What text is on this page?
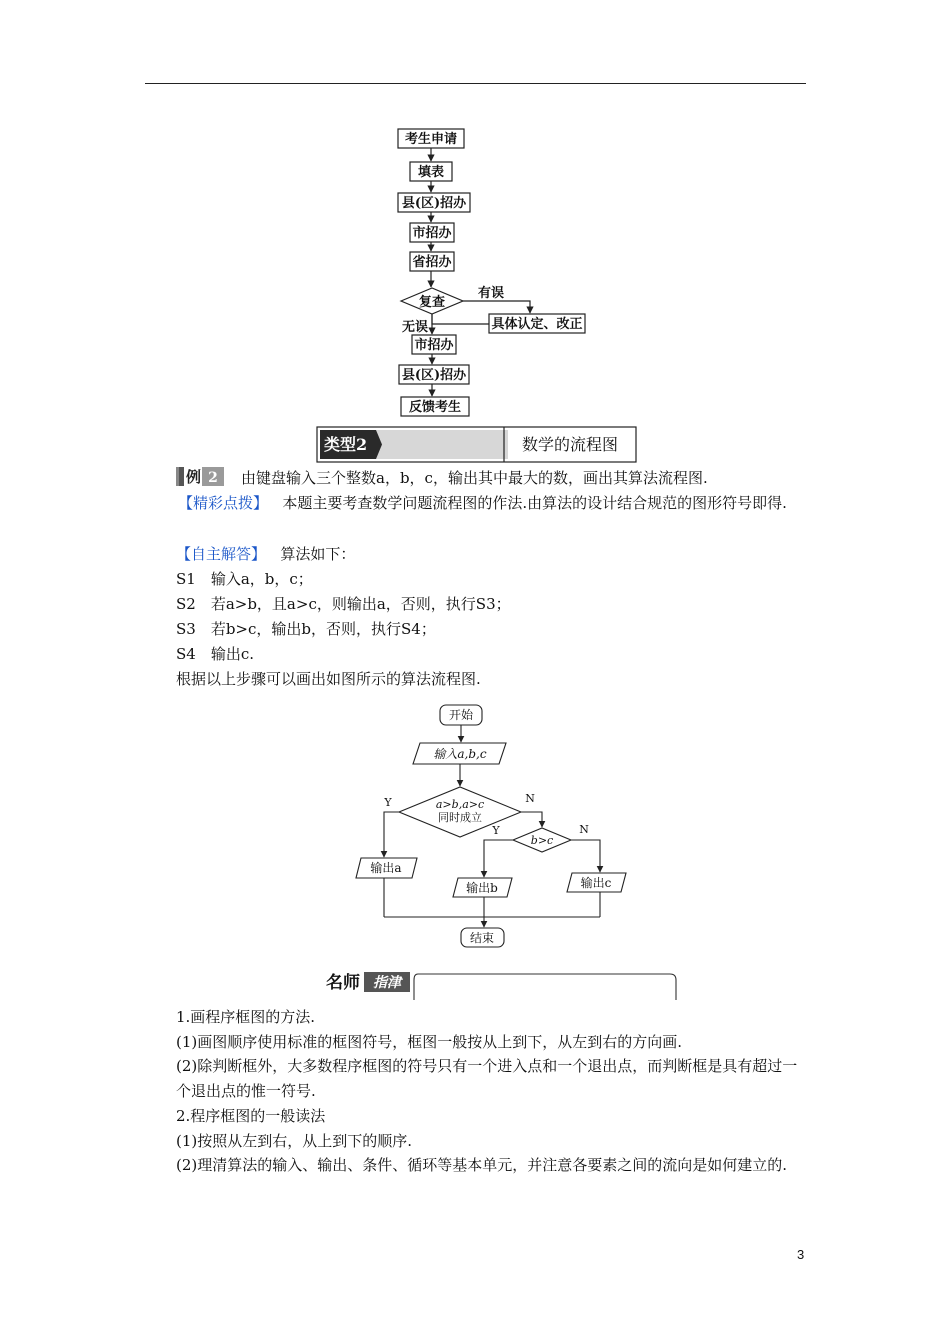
考生申请
填表
县(区)招办
市招办
省招办
复查
有误
具体认定、改正
无误
市招办
县(区)招办
反馈考生
类型2	数学的流程图
例 2 由键盘输入三个整数a，b，c，输出其中最大的数，画出其算法流程图.
【精彩点拨】 本题主要考查数学问题流程图的作法.由算法的设计结合规范的图形符号即得.
【自主解答】 算法如下：
S1　输入a，b，c；
S2　若a>b，且a>c，则输出a，否则，执行S3；
S3　若b>c，输出b，否则，执行S4；
S4　输出c.
根据以上步骤可以画出如图所示的算法流程图.
开始
输入a,b,c
a>b,a>c
同时成立
Y	N
b>c
Y	N
输出a
输出b	输出c
结束
名师 指津
1.画程序框图的方法.
(1)画图顺序使用标准的框图符号，框图一般按从上到下，从左到右的方向画.
(2)除判断框外，大多数程序框图的符号只有一个进入点和一个退出点，而判断框是具有超过一个退出点的惟一符号.
2.程序框图的一般读法
(1)按照从左到右，从上到下的顺序.
(2)理清算法的输入、输出、条件、循环等基本单元，并注意各要素之间的流向是如何建立的.
3
